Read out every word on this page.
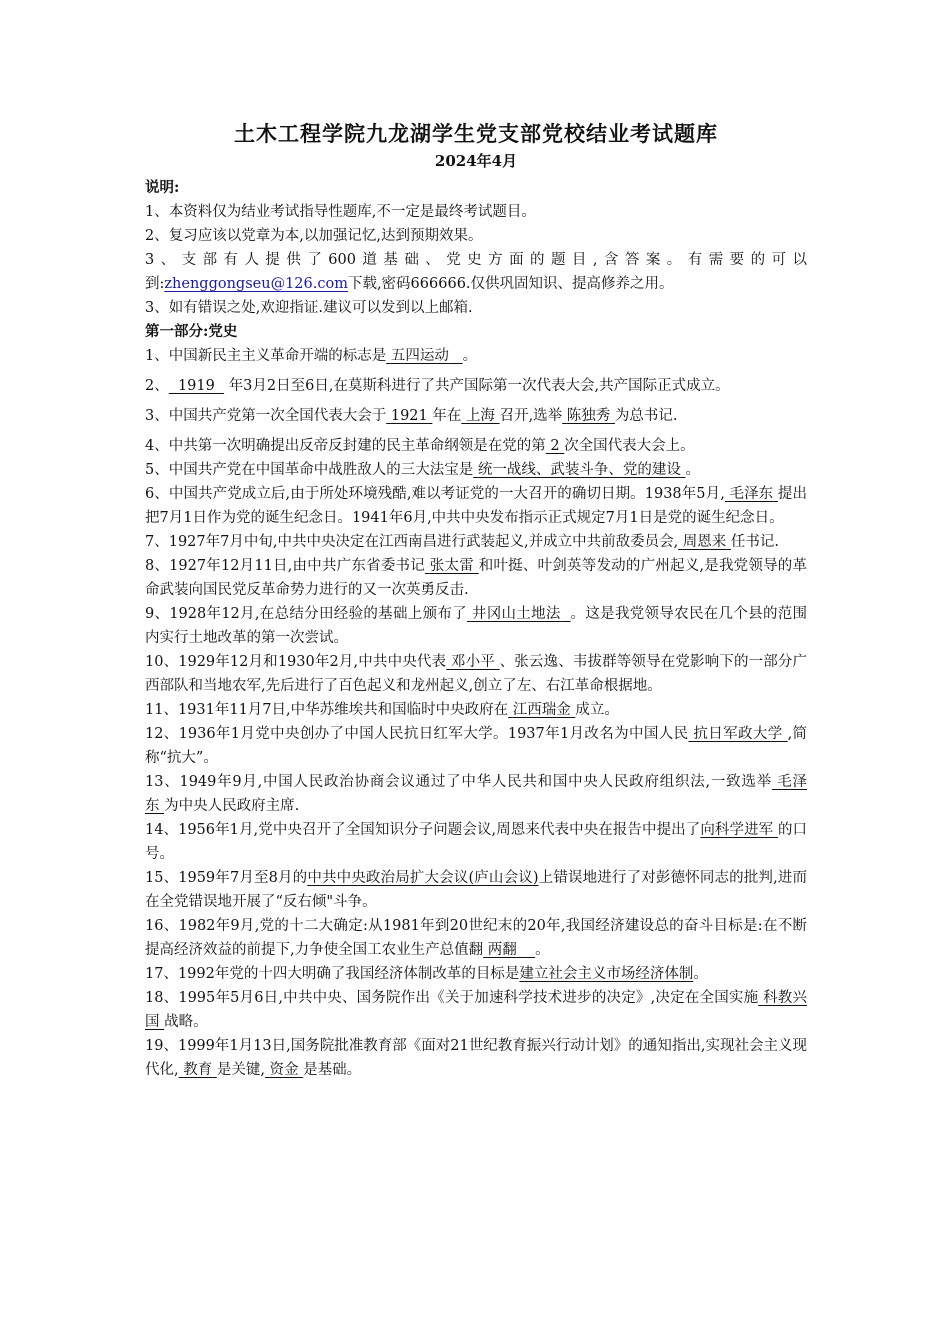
土木工程学院九龙湖学生党支部党校结业考试题库

2024年4月

说明:

1、本资料仅为结业考试指导性题库,不一定是最终考试题目。

2、复习应该以党章为本,以加强记忆,达到预期效果。

3、支部有人提供了600道基础、党史方面的题目,含答案。有需要的可以到:zhenggongseu@126.com下载,密码666666.仅供巩固知识、提高修养之用。

3、如有错误之处,欢迎指证.建议可以发到以上邮箱.

第一部分:党史

1、中国新民主主义革命开端的标志是 五四运动 。

2、 1919 年3月2日至6日,在莫斯科进行了共产国际第一次代表大会,共产国际正式成立。

3、中国共产党第一次全国代表大会于 1921 年在 上海 召开,选举 陈独秀 为总书记.

4、中共第一次明确提出反帝反封建的民主革命纲领是在党的第 2 次全国代表大会上。

5、中国共产党在中国革命中战胜敌人的三大法宝是 统一战线、武装斗争、党的建设 。

6、中国共产党成立后,由于所处环境残酷,难以考证党的一大召开的确切日期。1938年5月, 毛泽东 提出把7月1日作为党的诞生纪念日。1941年6月,中共中央发布指示正式规定7月1日是党的诞生纪念日。

7、1927年7月中旬,中共中央决定在江西南昌进行武装起义,并成立中共前敌委员会, 周恩来 任书记.

8、1927年12月11日,由中共广东省委书记 张太雷 和叶挺、叶剑英等发动的广州起义,是我党领导的革命武装向国民党反革命势力进行的又一次英勇反击.

9、1928年12月,在总结分田经验的基础上颁布了 井冈山土地法 。这是我党领导农民在几个县的范围内实行土地改革的第一次尝试。

10、1929年12月和1930年2月,中共中央代表 邓小平 、张云逸、韦拔群等领导在党影响下的一部分广西部队和当地农军,先后进行了百色起义和龙州起义,创立了左、右江革命根据地。

11、1931年11月7日,中华苏维埃共和国临时中央政府在 江西瑞金 成立。

12、1936年1月党中央创办了中国人民抗日红军大学。1937年1月改名为中国人民 抗日军政大学 ,简称“抗大”。

13、1949年9月,中国人民政治协商会议通过了中华人民共和国中央人民政府组织法,一致选举 毛泽东 为中央人民政府主席.

14、1956年1月,党中央召开了全国知识分子问题会议,周恩来代表中央在报告中提出了向科学进军 的口号。

15、1959年7月至8月的中共中央政治局扩大会议(庐山会议)上错误地进行了对彭德怀同志的批判,进而在全党错误地开展了“反右倾"斗争。

16、1982年9月,党的十二大确定:从1981年到20世纪末的20年,我国经济建设总的奋斗目标是:在不断提高经济效益的前提下,力争使全国工农业生产总值翻 两翻 。

17、1992年党的十四大明确了我国经济体制改革的目标是建立社会主义市场经济体制。

18、1995年5月6日,中共中央、国务院作出《关于加速科学技术进步的决定》,决定在全国实施 科教兴国 战略。

19、1999年1月13日,国务院批准教育部《面对21世纪教育振兴行动计划》的通知指出,实现社会主义现代化, 教育 是关键, 资金 是基础。
